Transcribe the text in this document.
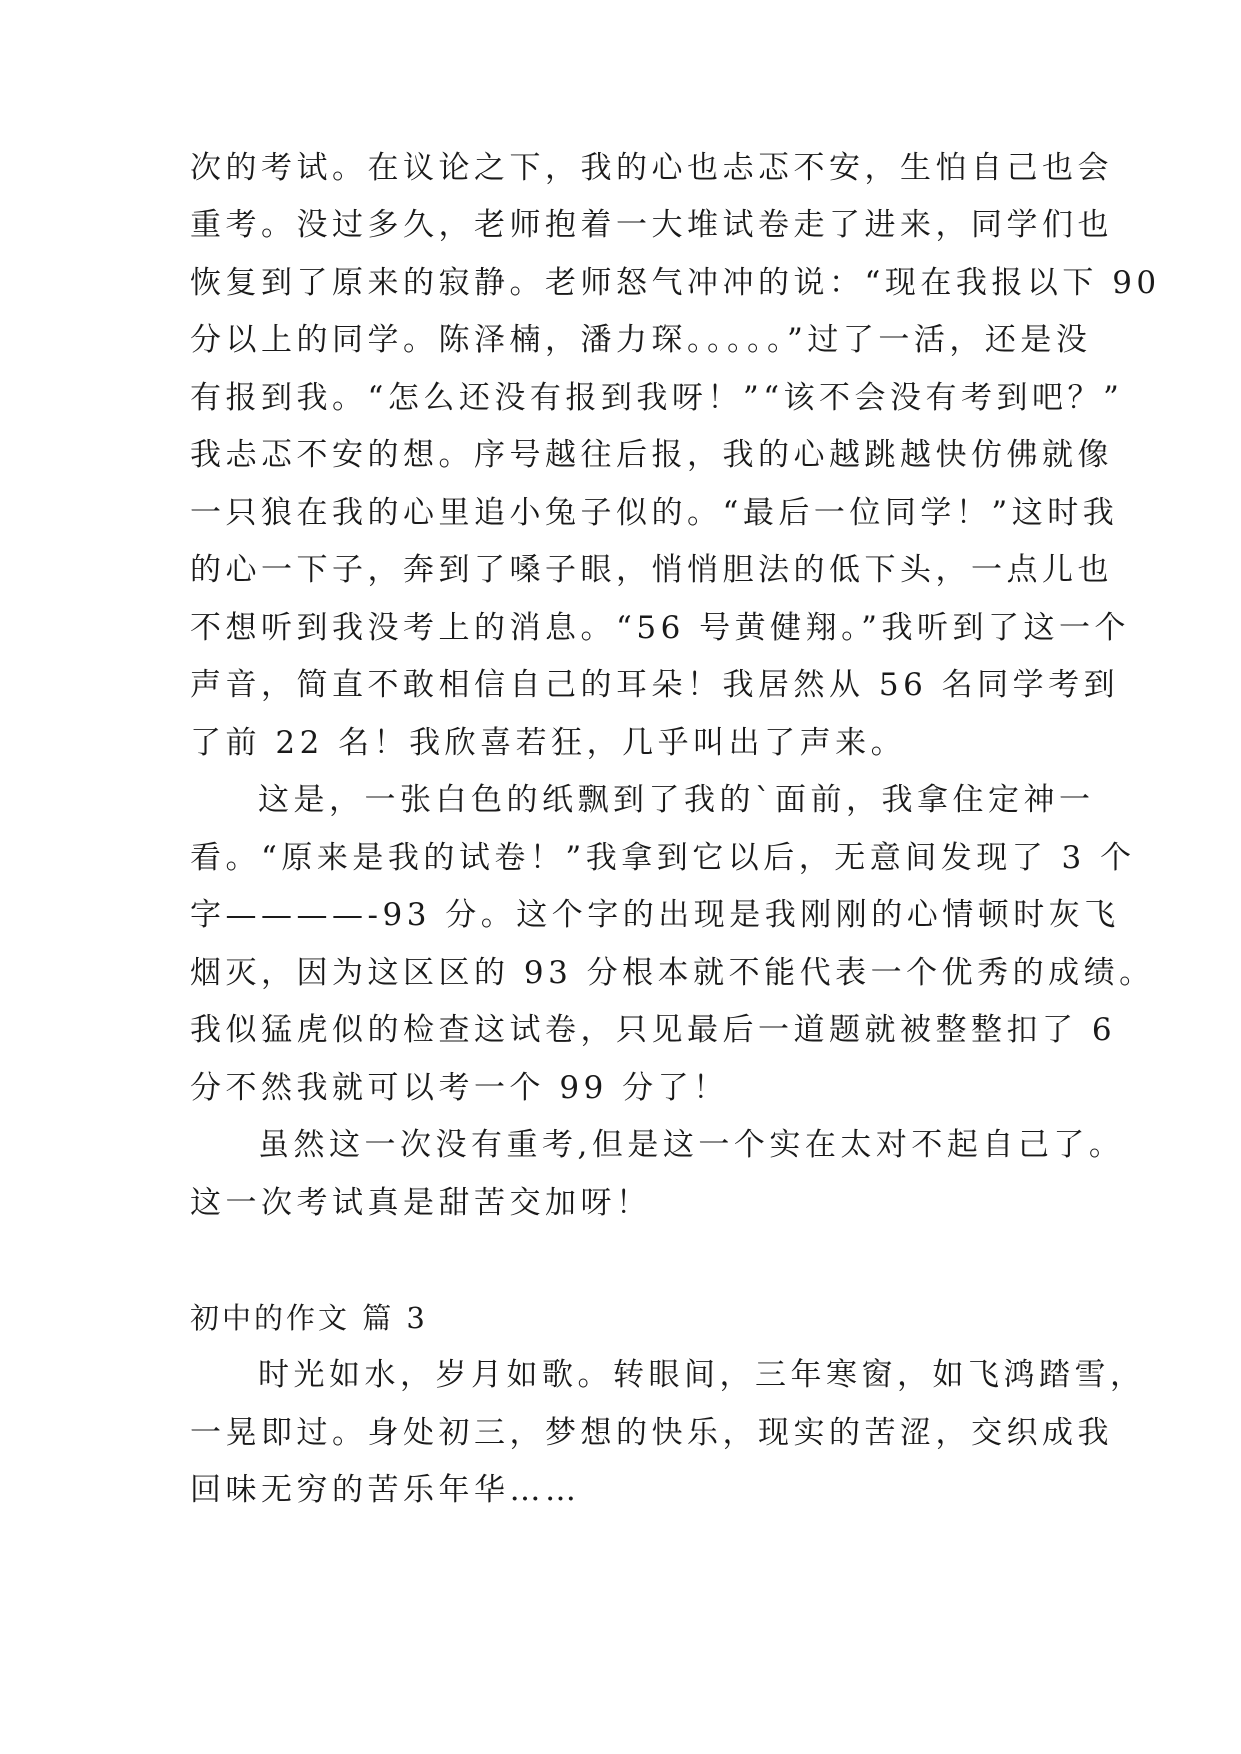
次的考试。在议论之下，我的心也忐忑不安，生怕自己也会
重考。没过多久，老师抱着一大堆试卷走了进来，同学们也
恢复到了原来的寂静。老师怒气冲冲的说：“现在我报以下 90
分以上的同学。陈泽楠，潘力琛。。。。。”过了一活，还是没
有报到我。“怎么还没有报到我呀！”“该不会没有考到吧？”
我忐忑不安的想。序号越往后报，我的心越跳越快仿佛就像
一只狼在我的心里追小兔子似的。“最后一位同学！”这时我
的心一下子，奔到了嗓子眼，悄悄胆法的低下头，一点儿也
不想听到我没考上的消息。“56 号黄健翔。”我听到了这一个
声音，简直不敢相信自己的耳朵！我居然从 56 名同学考到
了前 22 名！我欣喜若狂，几乎叫出了声来。
这是，一张白色的纸飘到了我的`面前，我拿住定神一
看。“原来是我的试卷！”我拿到它以后，无意间发现了 3 个
字————-93 分。这个字的出现是我刚刚的心情顿时灰飞
烟灭，因为这区区的 93 分根本就不能代表一个优秀的成绩。
我似猛虎似的检查这试卷，只见最后一道题就被整整扣了 6
分不然我就可以考一个 99 分了！
虽然这一次没有重考,但是这一个实在太对不起自己了。
这一次考试真是甜苦交加呀！
初中的作文 篇 3
时光如水，岁月如歌。转眼间，三年寒窗，如飞鸿踏雪，
一晃即过。身处初三，梦想的快乐，现实的苦涩，交织成我
回味无穷的苦乐年华……
